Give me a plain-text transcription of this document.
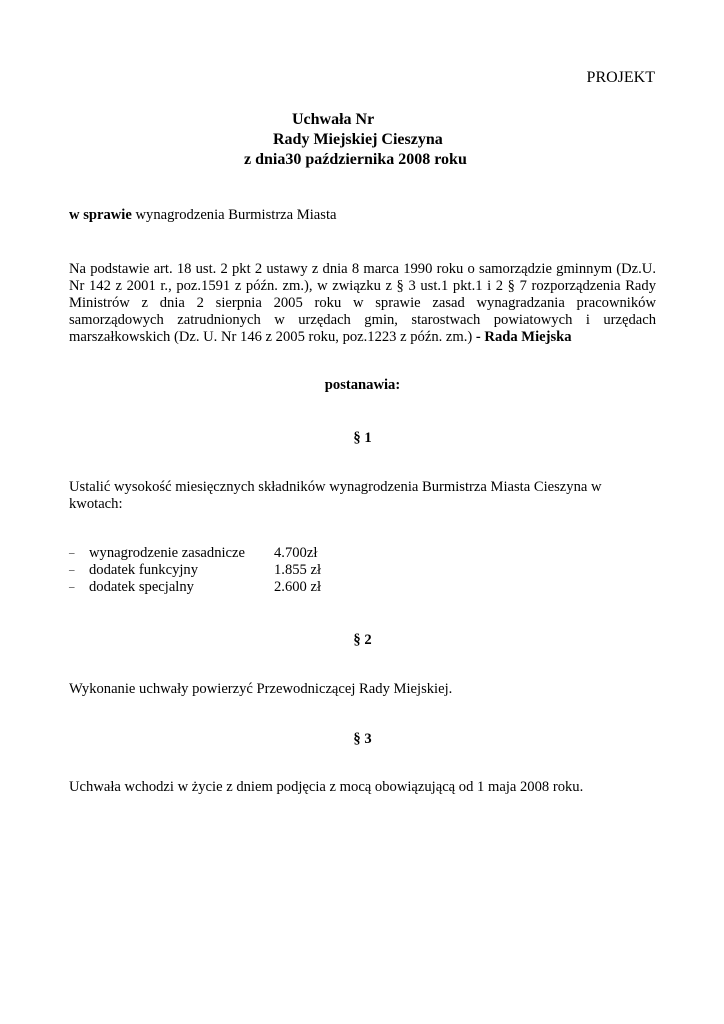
PROJEKT
Uchwała Nr
Rady Miejskiej Cieszyna
z dnia30 października 2008 roku
w sprawie wynagrodzenia Burmistrza Miasta
Na podstawie art. 18 ust. 2 pkt 2 ustawy z dnia 8 marca 1990 roku o samorządzie gminnym (Dz.U. Nr 142 z 2001 r., poz.1591 z późn. zm.), w związku z § 3 ust.1 pkt.1 i 2 § 7 rozporządzenia Rady Ministrów z dnia 2 sierpnia 2005 roku w sprawie zasad wynagradzania pracowników samorządowych zatrudnionych w urzędach gmin, starostwach powiatowych i urzędach marszałkowskich (Dz. U. Nr 146 z 2005 roku, poz.1223 z późn. zm.) - Rada Miejska
postanawia:
§ 1
Ustalić wysokość miesięcznych składników wynagrodzenia Burmistrza Miasta Cieszyna w kwotach:
– wynagrodzenie zasadnicze	4.700zł
– dodatek funkcyjny	1.855 zł
– dodatek specjalny	2.600 zł
§ 2
Wykonanie uchwały powierzyć Przewodniczącej Rady Miejskiej.
§ 3
Uchwała wchodzi w życie z dniem podjęcia z mocą obowiązującą od 1 maja 2008 roku.
